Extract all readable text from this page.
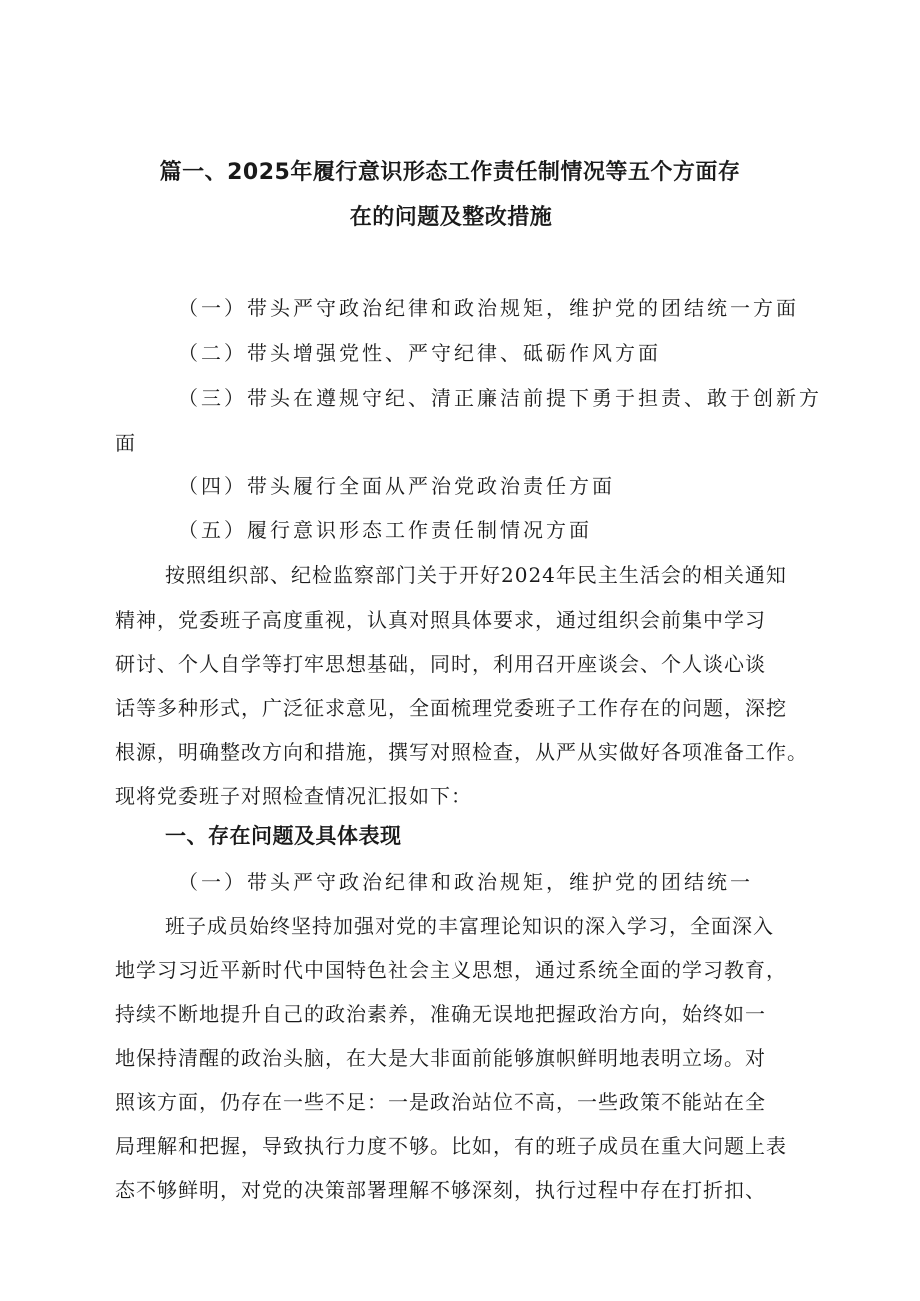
篇一、2025年履行意识形态工作责任制情况等五个方面存
在的问题及整改措施
（一）带头严守政治纪律和政治规矩，维护党的团结统一方面
（二）带头增强党性、严守纪律、砥砺作风方面
（三）带头在遵规守纪、清正廉洁前提下勇于担责、敢于创新方
面
（四）带头履行全面从严治党政治责任方面
（五）履行意识形态工作责任制情况方面
按照组织部、纪检监察部门关于开好2024年民主生活会的相关通知
精神，党委班子高度重视，认真对照具体要求，通过组织会前集中学习
研讨、个人自学等打牢思想基础，同时，利用召开座谈会、个人谈心谈
话等多种形式，广泛征求意见，全面梳理党委班子工作存在的问题，深挖
根源，明确整改方向和措施，撰写对照检查，从严从实做好各项准备工作。
现将党委班子对照检查情况汇报如下：
一、存在问题及具体表现
（一）带头严守政治纪律和政治规矩，维护党的团结统一
班子成员始终坚持加强对党的丰富理论知识的深入学习，全面深入
地学习习近平新时代中国特色社会主义思想，通过系统全面的学习教育，
持续不断地提升自己的政治素养，准确无误地把握政治方向，始终如一
地保持清醒的政治头脑，在大是大非面前能够旗帜鲜明地表明立场。对
照该方面，仍存在一些不足：一是政治站位不高，一些政策不能站在全
局理解和把握，导致执行力度不够。比如，有的班子成员在重大问题上表
态不够鲜明，对党的决策部署理解不够深刻，执行过程中存在打折扣、
